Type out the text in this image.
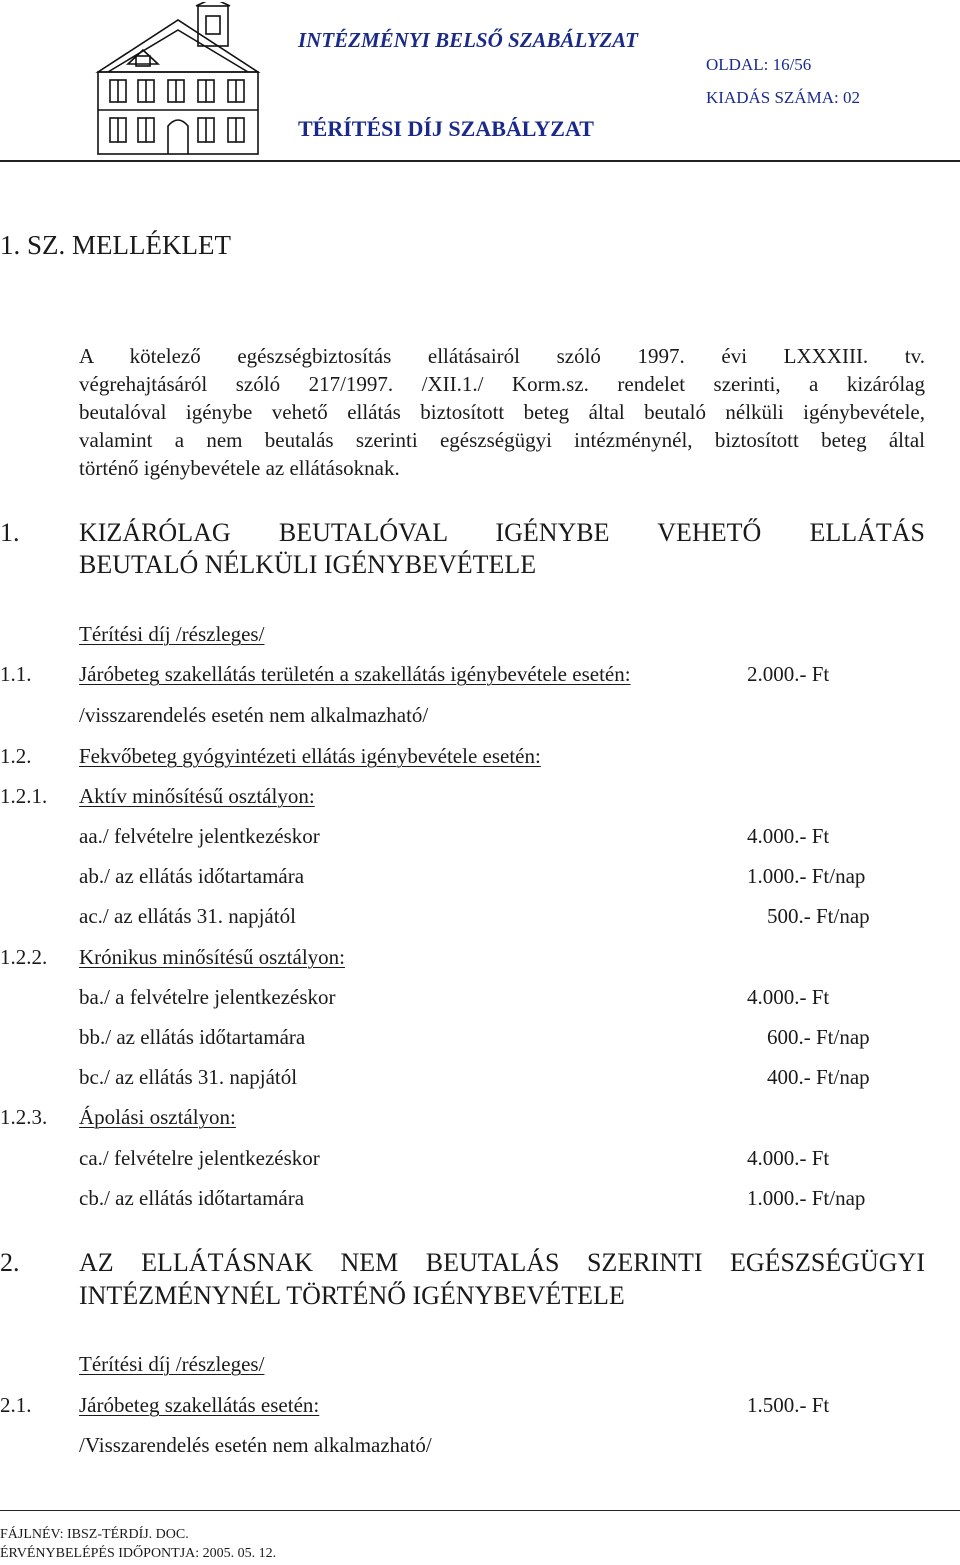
INTÉZMÉNYI BELSŐ SZABÁLYZAT
TÉRÍTÉSI DÍJ SZABÁLYZAT
OLDAL: 16/56
KIADÁS SZÁMA: 02
1. SZ. MELLÉKLET
A kötelező egészségbiztosítás ellátásairól szóló 1997. évi LXXXIII. tv.
végrehajtásáról szóló 217/1997. /XII.1./ Korm.sz. rendelet szerinti, a kizárólag
beutalóval igénybe vehető ellátás biztosított beteg által beutaló nélküli igénybevétele,
valamint a nem beutalás szerinti egészségügyi intézménynél, biztosított beteg által
történő igénybevétele az ellátásoknak.
1. KIZÁRÓLAG BEUTALÓVAL IGÉNYBE VEHETŐ ELLÁTÁS
BEUTALÓ NÉLKÜLI IGÉNYBEVÉTELE
Térítési díj /részleges/
1.1. Járóbeteg szakellátás területén a szakellátás igénybevétele esetén:	2.000.- Ft
/visszarendelés esetén nem alkalmazható/
1.2. Fekvőbeteg gyógyintézeti ellátás igénybevétele esetén:
1.2.1. Aktív minősítésű osztályon:
aa./ felvételre jelentkezéskor	4.000.- Ft
ab./ az ellátás időtartamára	1.000.- Ft/nap
ac./ az ellátás 31. napjától	500.- Ft/nap
1.2.2. Krónikus minősítésű osztályon:
ba./ a felvételre jelentkezéskor	4.000.- Ft
bb./ az ellátás időtartamára	600.- Ft/nap
bc./ az ellátás 31. napjától	400.- Ft/nap
1.2.3. Ápolási osztályon:
ca./ felvételre jelentkezéskor	4.000.- Ft
cb./ az ellátás időtartamára	1.000.- Ft/nap
2. AZ ELLÁTÁSNAK NEM BEUTALÁS SZERINTI EGÉSZSÉGÜGYI
INTÉZMÉNYNÉL TÖRTÉNŐ IGÉNYBEVÉTELE
Térítési díj /részleges/
2.1. Járóbeteg szakellátás esetén:	1.500.- Ft
/Visszarendelés esetén nem alkalmazható/
FÁJLNÉV: IBSZ-TÉRDÍJ. DOC.
ÉRVÉNYBELÉPÉS IDŐPONTJA: 2005. 05. 12.
